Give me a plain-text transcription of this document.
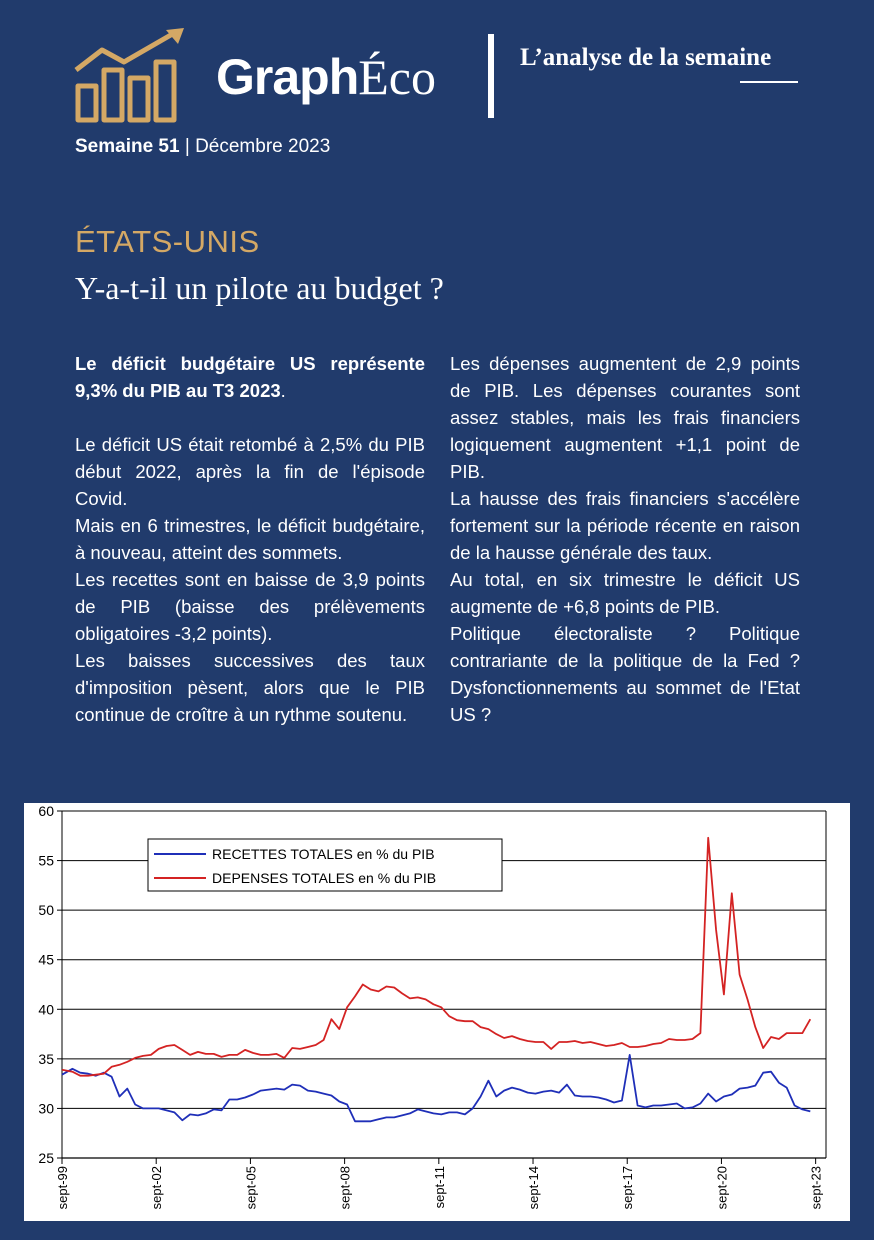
GraphÉco	L’analyse de la semaine
Semaine 51 | Décembre 2023
ÉTATS-UNIS
Y-a-t-il un pilote au budget ?

Le déficit budgétaire US représente 9,3% du PIB au T3 2023.

Le déficit US était retombé à 2,5% du PIB début 2022, après la fin de l'épisode Covid.

Mais en 6 trimestres, le déficit budgétaire, à nouveau, atteint des sommets.

Les recettes sont en baisse de 3,9 points de PIB (baisse des prélèvements obligatoires -3,2 points).

Les baisses successives des taux d'imposition pèsent, alors que le PIB continue de croître à un rythme soutenu.

Les dépenses augmentent de 2,9 points de PIB. Les dépenses courantes sont assez stables, mais les frais financiers logiquement augmentent +1,1 point de PIB.

La hausse des frais financiers s'accélère fortement sur la période récente en raison de la hausse générale des taux.

Au total, en six trimestre le déficit US augmente de +6,8 points de PIB.

Politique électoraliste ? Politique contrariante de la politique de la Fed ? Dysfonctionnements au sommet de l'Etat US ?

25
30
35
40
45
50
55
60
sept-99	sept-02	sept-05	sept-08	sept-11	sept-14	sept-17	sept-20	sept-23
RECETTES TOTALES en % du PIB
DEPENSES TOTALES en % du PIB
